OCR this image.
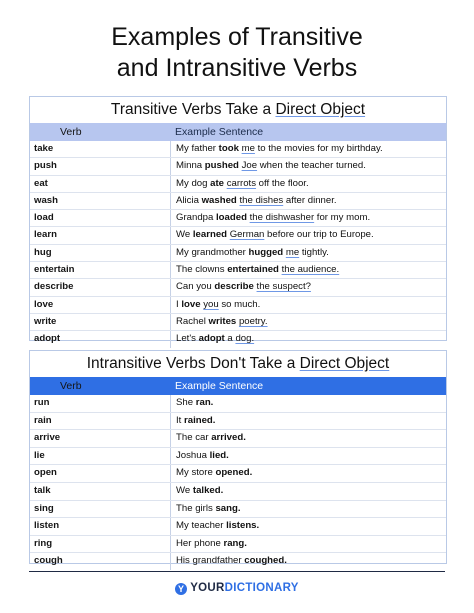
Examples of Transitive
and Intransitive Verbs
Transitive Verbs Take a Direct Object
Verb	Example Sentence
take	My father took me to the movies for my birthday.
push	Minna pushed Joe when the teacher turned.
eat	My dog ate carrots off the floor.
wash	Alicia washed the dishes after dinner.
load	Grandpa loaded the dishwasher for my mom.
learn	We learned German before our trip to Europe.
hug	My grandmother hugged me tightly.
entertain	The clowns entertained the audience.
describe	Can you describe the suspect?
love	I love you so much.
write	Rachel writes poetry.
adopt	Let's adopt a dog.
Intransitive Verbs Don't Take a Direct Object
Verb	Example Sentence
run	She ran.
rain	It rained.
arrive	The car arrived.
lie	Joshua lied.
open	My store opened.
talk	We talked.
sing	The girls sang.
listen	My teacher listens.
ring	Her phone rang.
cough	His grandfather coughed.
Y YOURDICTIONARY
